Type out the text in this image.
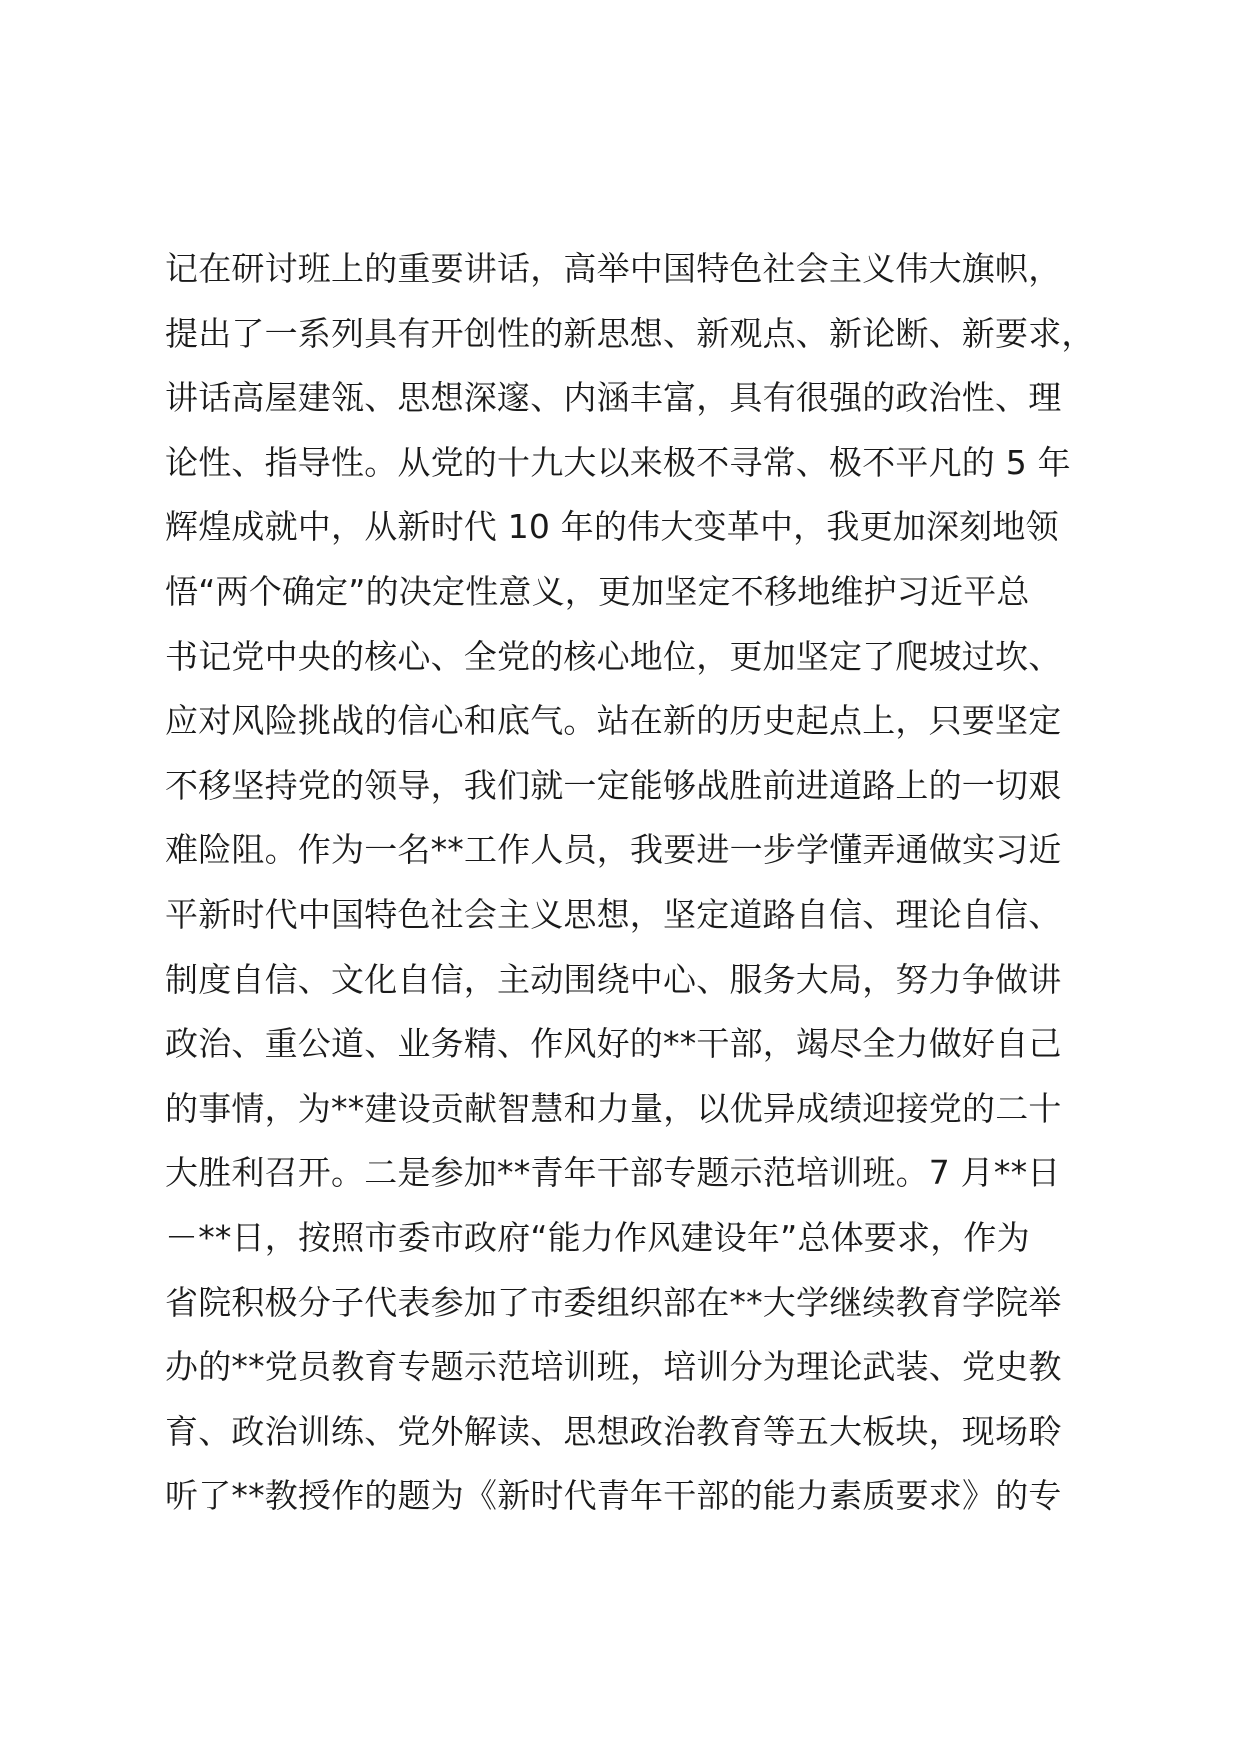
记在研讨班上的重要讲话，高举中国特色社会主义伟大旗帜，
提出了一系列具有开创性的新思想、新观点、新论断、新要求，
讲话高屋建瓴、思想深邃、内涵丰富，具有很强的政治性、理
论性、指导性。从党的十九大以来极不寻常、极不平凡的 5 年
辉煌成就中，从新时代 10 年的伟大变革中，我更加深刻地领
悟“两个确定”的决定性意义，更加坚定不移地维护习近平总
书记党中央的核心、全党的核心地位，更加坚定了爬坡过坎、
应对风险挑战的信心和底气。站在新的历史起点上，只要坚定
不移坚持党的领导，我们就一定能够战胜前进道路上的一切艰
难险阻。作为一名**工作人员，我要进一步学懂弄通做实习近
平新时代中国特色社会主义思想，坚定道路自信、理论自信、
制度自信、文化自信，主动围绕中心、服务大局，努力争做讲
政治、重公道、业务精、作风好的**干部，竭尽全力做好自己
的事情，为**建设贡献智慧和力量，以优异成绩迎接党的二十
大胜利召开。二是参加**青年干部专题示范培训班。7 月**日
－**日，按照市委市政府“能力作风建设年”总体要求，作为
省院积极分子代表参加了市委组织部在**大学继续教育学院举
办的**党员教育专题示范培训班，培训分为理论武装、党史教
育、政治训练、党外解读、思想政治教育等五大板块，现场聆
听了**教授作的题为《新时代青年干部的能力素质要求》的专
